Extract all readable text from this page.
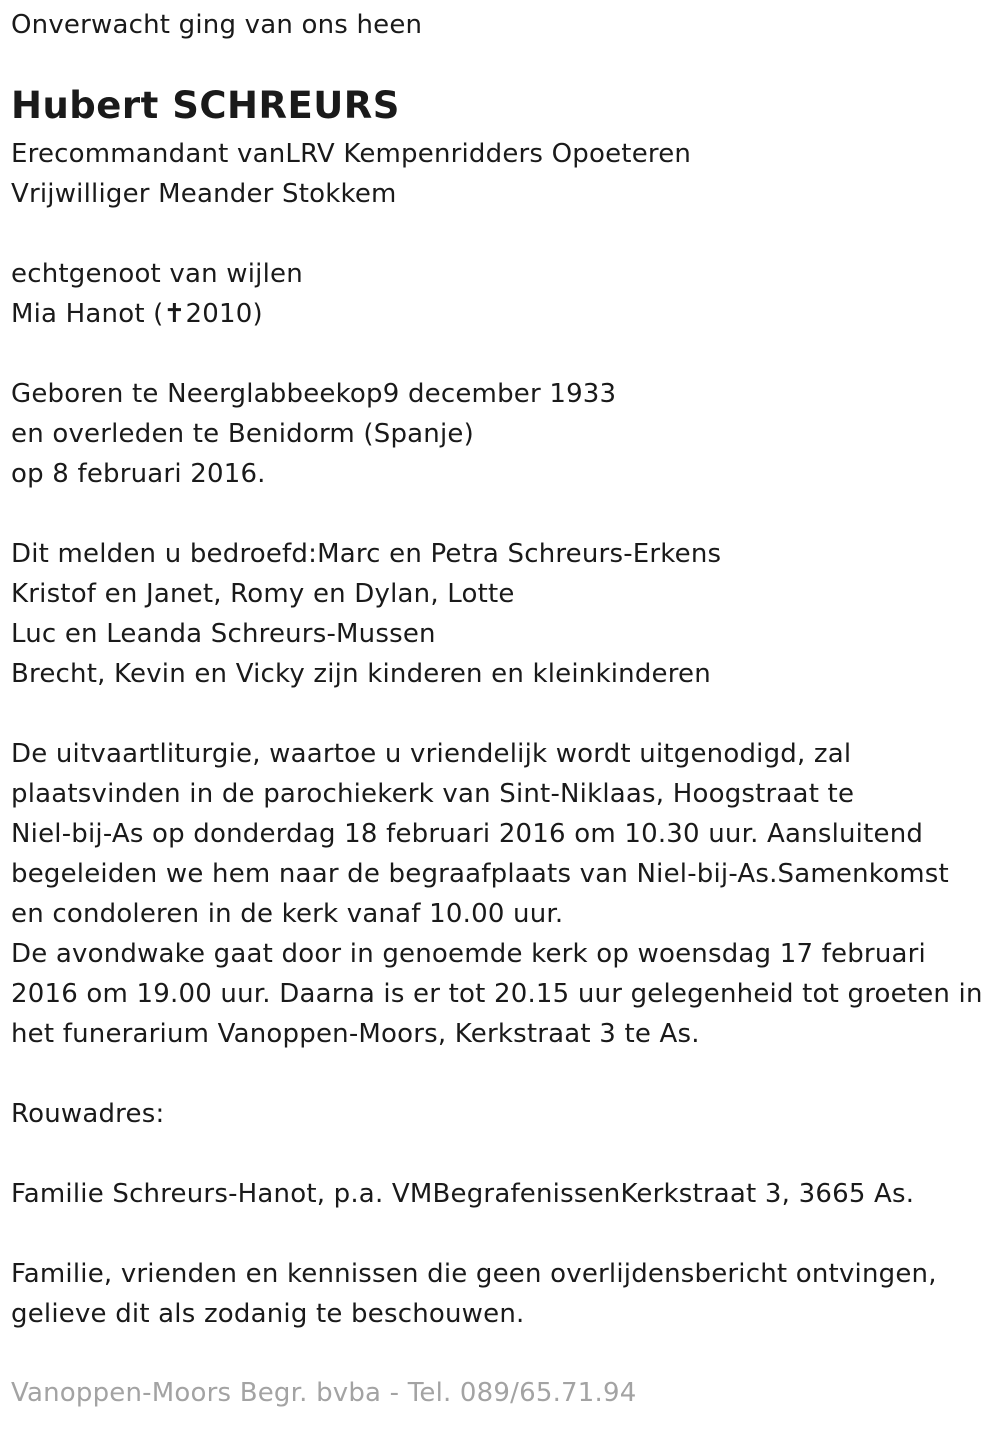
Onverwacht ging van ons heen
Hubert SCHREURS
Erecommandant vanLRV Kempenridders Opoeteren
Vrijwilliger Meander Stokkem
echtgenoot van wijlen
Mia Hanot (✝2010)
Geboren te Neerglabbeekop9 december 1933
en overleden te Benidorm (Spanje)
op 8 februari 2016.
Dit melden u bedroefd:Marc en Petra Schreurs-Erkens
Kristof en Janet, Romy en Dylan, Lotte
Luc en Leanda Schreurs-Mussen
Brecht, Kevin en Vicky zijn kinderen en kleinkinderen
De uitvaartliturgie, waartoe u vriendelijk wordt uitgenodigd, zal
plaatsvinden in de parochiekerk van Sint-Niklaas, Hoogstraat te
Niel-bij-As op donderdag 18 februari 2016 om 10.30 uur. Aansluitend
begeleiden we hem naar de begraafplaats van Niel-bij-As.Samenkomst
en condoleren in de kerk vanaf 10.00 uur.
De avondwake gaat door in genoemde kerk op woensdag 17 februari
2016 om 19.00 uur. Daarna is er tot 20.15 uur gelegenheid tot groeten in
het funerarium Vanoppen-Moors, Kerkstraat 3 te As.
Rouwadres:
Familie Schreurs-Hanot, p.a. VMBegrafenissenKerkstraat 3, 3665 As.
Familie, vrienden en kennissen die geen overlijdensbericht ontvingen,
gelieve dit als zodanig te beschouwen.
Vanoppen-Moors Begr. bvba - Tel. 089/65.71.94
